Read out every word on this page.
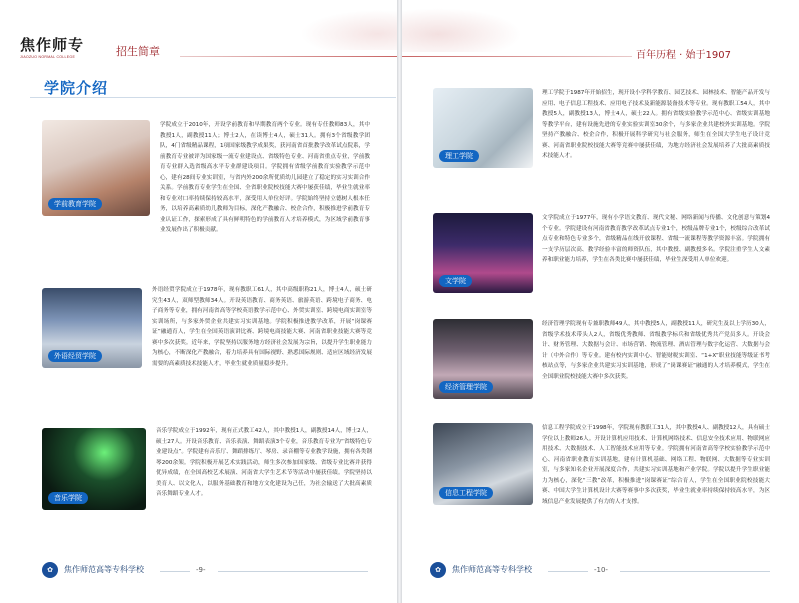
焦作师专
JIAOZUO NORMAL COLLEGE	招生简章
学院介绍
学前教育学院
学院成立于2010年，开设学前教育和早期教育两个专业。现有专任教师83人，其中教授1人，副教授11人；博士2人，在读博士4人，硕士31人。拥有3个省级教学团队，4门省级精品课程，1项国家级教学成果奖，获河南省首批教学改革试点院系，学前教育专业被评为国家级一流专业建设点、省级特色专业、河南省重点专业，学前教育专业群入选省级高水平专业群建设项目。学院拥有省级学前教育实验教学示范中心，建有28间专业实训室，与省内外200余所优质幼儿园建立了稳定的实习实训合作关系。学前教育专业学生在全国、全省职业院校技能大赛中屡获佳绩，毕业生就业率和专业对口率持续保持较高水平，深受用人单位好评。学院始终坚持立德树人根本任务，以培养高素质幼儿教师为目标，深化产教融合、校企合作，积极推进学前教育专业认证工作，探索形成了具有鲜明特色的学前教育人才培养模式，为区域学前教育事业发展作出了积极贡献。
外语经贸学院
外语经贸学院成立于1978年，现有教职工61人，其中高级职称21人，博士4人，硕士研究生43人，双师型教师34人。开设英语教育、商务英语、旅游英语、跨境电子商务、电子商务等专业，拥有河南省高等学校英语教学示范中心、外贸实训室、跨境电商实训室等实训场所，与多家外贸企业共建实习实训基地。学院积极推进教学改革，开展“岗课赛证”融通育人，学生在全国英语演讲比赛、跨境电商技能大赛、河南省职业技能大赛等竞赛中多次获奖。近年来，学院坚持以服务地方经济社会发展为宗旨，以提升学生职业能力为核心，不断深化产教融合，着力培养具有国际视野、熟悉国际规则、适应区域经济发展需要的高素质技术技能人才，毕业生就业质量稳步提升。
音乐学院
音乐学院成立于1992年，现有正式教工42人，其中教授1人，副教授14人，博士2人，硕士27人。开设音乐教育、音乐表演、舞蹈表演3个专业，音乐教育专业为“省级特色专业建设点”。学院建有音乐厅、舞蹈排练厅、琴房、录音棚等专业教学设施，拥有各类钢琴200余架。学院积极开展艺术实践活动，师生多次参加国家级、省级专业比赛并获得优异成绩，在全国高校艺术展演、河南省大学生艺术节等活动中屡获佳绩。学院坚持以美育人、以文化人，以服务基础教育和地方文化建设为己任，为社会输送了大批高素质音乐舞蹈专业人才。
✿	焦作师范高等专科学校	-9-
百年历程 · 始于1907
理工学院
理工学院于1987年开始招生，现开设小学科学教育、园艺技术、园林技术、智能产品开发与应用、电子信息工程技术、应用电子技术及新能源装备技术等专业。现有教职工54人，其中教授5人，副教授13人，博士4人，硕士22人。拥有省级实验教学示范中心、省级实训基地等教学平台，建有设施先进的专业实验实训室30余个，与多家企业共建校外实训基地。学院坚持产教融合、校企合作，积极开展科学研究与社会服务，师生在全国大学生电子设计竞赛、河南省职业院校技能大赛等竞赛中屡获佳绩，为地方经济社会发展培养了大批高素质技术技能人才。
文学院
文学院成立于1977年，现有小学语文教育、现代文秘、网络新闻与传播、文化创意与策划4个专业。学院建设有河南省教育教学改革试点专业1个，校级品牌专业1个，校级综合改革试点专业和特色专业多个，省级精品在线开放课程、省级一流课程等教学资源丰富。学院拥有一支学历层次高、教学经验丰富的师资队伍，其中教授、副教授多名。学院注重学生人文素养和职业能力培养，学生在各类比赛中屡获佳绩，毕业生深受用人单位欢迎。
经济管理学院
经济管理学院现有专兼职教师49人，其中教授5人，副教授11人，研究生及以上学历30人，省级学术技术带头人2人，省级优秀教师、省级教学标兵和省级优秀共产党员多人。开设会计、财务管理、大数据与会计、市场营销、物流管理、酒店管理与数字化运营、大数据与会计（中外合作）等专业。建有校内实训中心、智能财税实训室、“1+X”职业技能等级证书考核站点等，与多家企业共建实习实训基地，形成了“岗课赛证”融通的人才培养模式，学生在全国职业院校技能大赛中多次获奖。
信息工程学院
信息工程学院成立于1998年，学院现有教职工31人，其中教授4人、副教授12人，具有硕士学位以上教师26人。开设计算机应用技术、计算机网络技术、信息安全技术应用、物联网应用技术、大数据技术、人工智能技术应用等专业。学院拥有河南省高等学校实验教学示范中心、河南省职业教育实训基地，建有计算机基础、网络工程、物联网、大数据等专业实训室，与多家知名企业开展深度合作，共建实习实训基地和产业学院。学院以提升学生职业能力为核心，深化“三教”改革，积极推进“岗课赛证”综合育人，学生在全国职业院校技能大赛、中国大学生计算机设计大赛等赛事中多次获奖，毕业生就业率持续保持较高水平，为区域信息产业发展提供了有力的人才支撑。
✿	焦作师范高等专科学校	-10-
